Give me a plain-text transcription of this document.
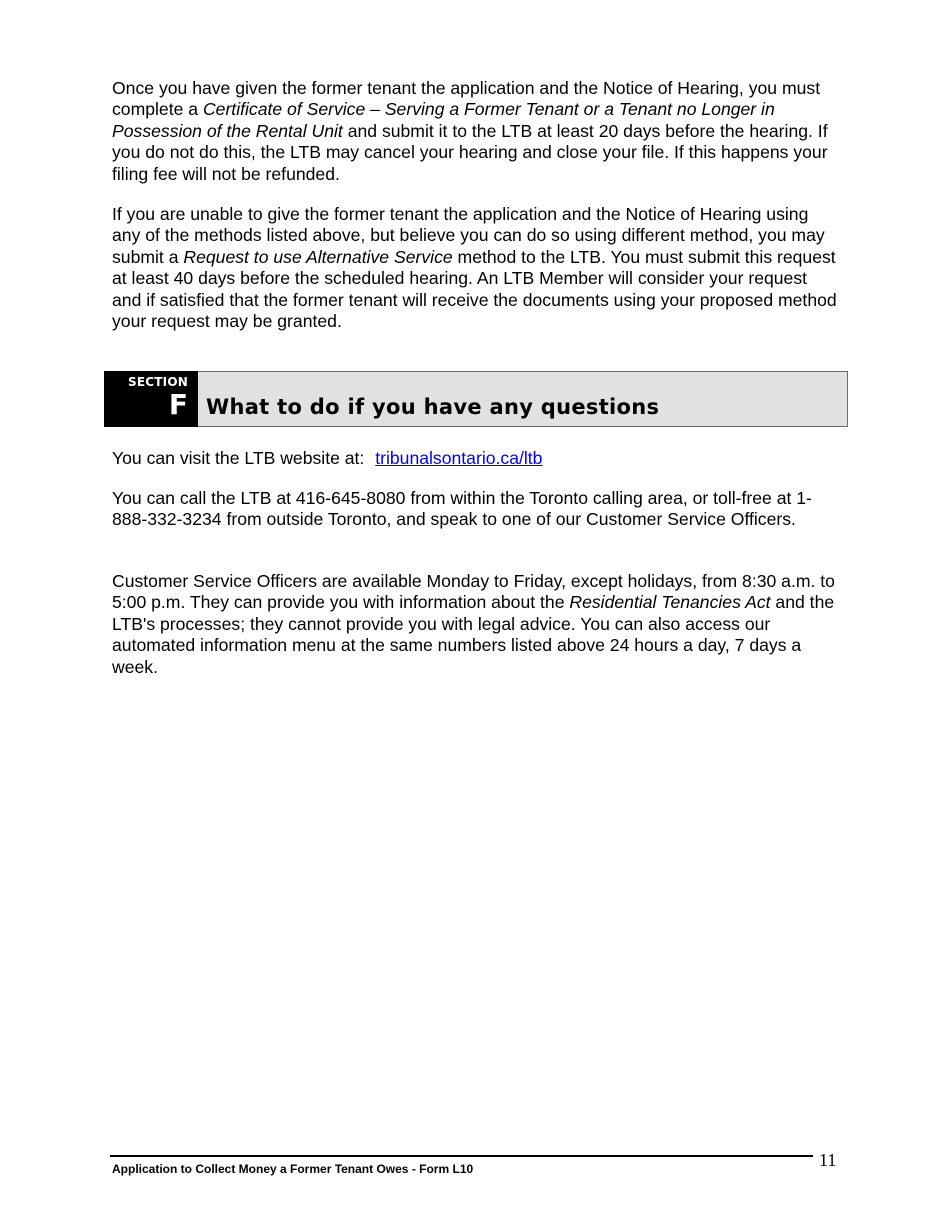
Once you have given the former tenant the application and the Notice of Hearing, you must complete a Certificate of Service – Serving a Former Tenant or a Tenant no Longer in Possession of the Rental Unit and submit it to the LTB at least 20 days before the hearing. If you do not do this, the LTB may cancel your hearing and close your file. If this happens your filing fee will not be refunded.

If you are unable to give the former tenant the application and the Notice of Hearing using any of the methods listed above, but believe you can do so using different method, you may submit a Request to use Alternative Service method to the LTB. You must submit this request at least 40 days before the scheduled hearing. An LTB Member will consider your request and if satisfied that the former tenant will receive the documents using your proposed method your request may be granted.

SECTION
F What to do if you have any questions

You can visit the LTB website at: tribunalsontario.ca/ltb

You can call the LTB at 416-645-8080 from within the Toronto calling area, or toll-free at 1-888-332-3234 from outside Toronto, and speak to one of our Customer Service Officers.

Customer Service Officers are available Monday to Friday, except holidays, from 8:30 a.m. to 5:00 p.m. They can provide you with information about the Residential Tenancies Act and the LTB's processes; they cannot provide you with legal advice. You can also access our automated information menu at the same numbers listed above 24 hours a day, 7 days a week.

Application to Collect Money a Former Tenant Owes - Form L10	11
